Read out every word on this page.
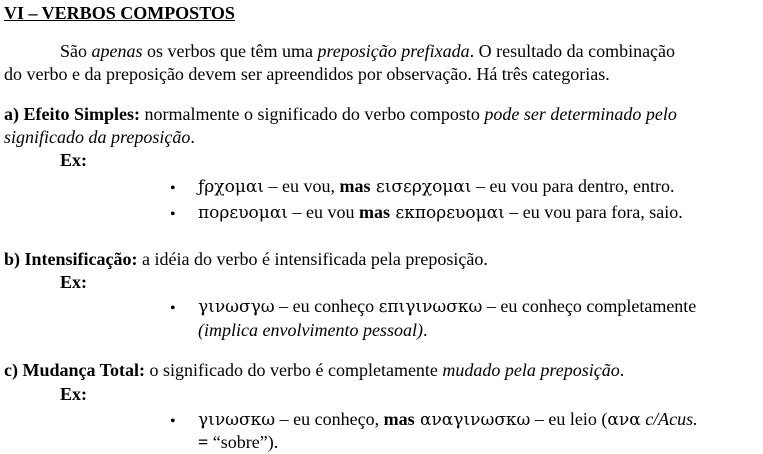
VI – VERBOS COMPOSTOS
São apenas os verbos que têm uma preposição prefixada. O resultado da combinação
do verbo e da preposição devem ser apreendidos por observação. Há três categorias.
a) Efeito Simples: normalmente o significado do verbo composto pode ser determinado pelo
significado da preposição.
Ex:
• ƒρχομαι – eu vou, mas εισερχομαι – eu vou para dentro, entro.
• πορευομαι – eu vou mas εκπορευομαι – eu vou para fora, saio.
b) Intensificação: a idéia do verbo é intensificada pela preposição.
Ex:
• γινωσγω – eu conheço επιγινωσκω – eu conheço completamente
(implica envolvimento pessoal).
c) Mudança Total: o significado do verbo é completamente mudado pela preposição.
Ex:
• γινωσκω – eu conheço, mas αναγινωσκω – eu leio (ανα c/Acus.
= “sobre”).
